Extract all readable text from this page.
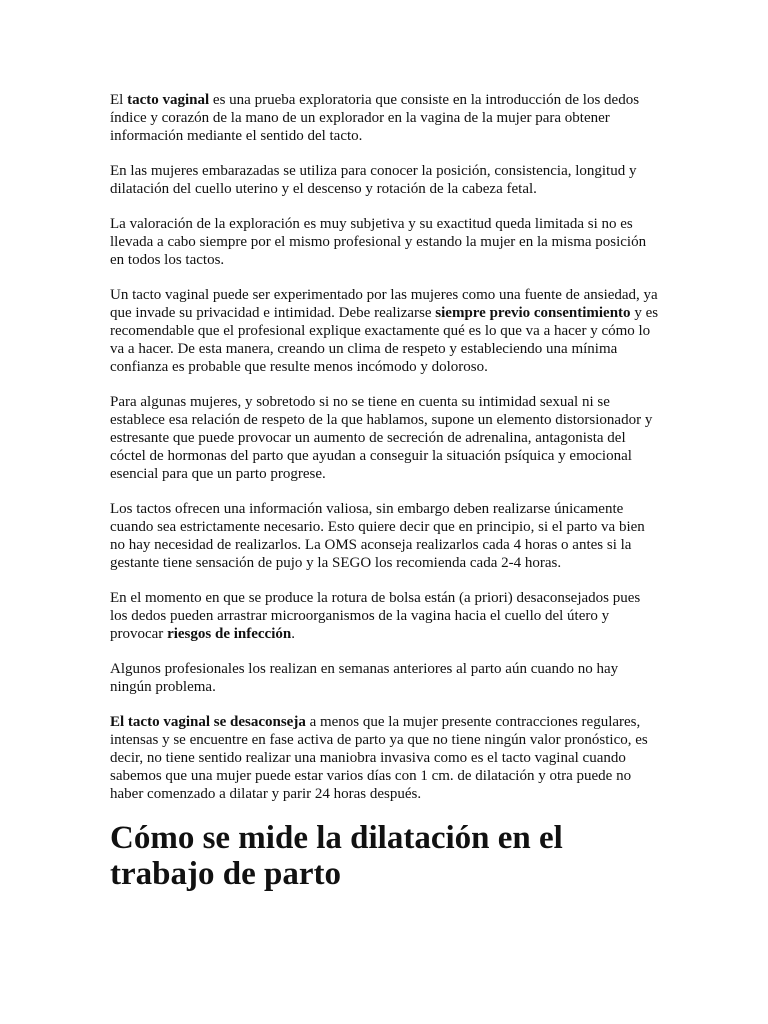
El tacto vaginal es una prueba exploratoria que consiste en la introducción de los dedos índice y corazón de la mano de un explorador en la vagina de la mujer para obtener información mediante el sentido del tacto.

En las mujeres embarazadas se utiliza para conocer la posición, consistencia, longitud y dilatación del cuello uterino y el descenso y rotación de la cabeza fetal.

La valoración de la exploración es muy subjetiva y su exactitud queda limitada si no es llevada a cabo siempre por el mismo profesional y estando la mujer en la misma posición en todos los tactos.

Un tacto vaginal puede ser experimentado por las mujeres como una fuente de ansiedad, ya que invade su privacidad e intimidad. Debe realizarse siempre previo consentimiento y es recomendable que el profesional explique exactamente qué es lo que va a hacer y cómo lo va a hacer. De esta manera, creando un clima de respeto y estableciendo una mínima confianza es probable que resulte menos incómodo y doloroso.

Para algunas mujeres, y sobretodo si no se tiene en cuenta su intimidad sexual ni se establece esa relación de respeto de la que hablamos, supone un elemento distorsionador y estresante que puede provocar un aumento de secreción de adrenalina, antagonista del cóctel de hormonas del parto que ayudan a conseguir la situación psíquica y emocional esencial para que un parto progrese.

Los tactos ofrecen una información valiosa, sin embargo deben realizarse únicamente cuando sea estrictamente necesario. Esto quiere decir que en principio, si el parto va bien no hay necesidad de realizarlos. La OMS aconseja realizarlos cada 4 horas o antes si la gestante tiene sensación de pujo y la SEGO los recomienda cada 2-4 horas.

En el momento en que se produce la rotura de bolsa están (a priori) desaconsejados pues los dedos pueden arrastrar microorganismos de la vagina hacia el cuello del útero y provocar riesgos de infección.

Algunos profesionales los realizan en semanas anteriores al parto aún cuando no hay ningún problema.

El tacto vaginal se desaconseja a menos que la mujer presente contracciones regulares, intensas y se encuentre en fase activa de parto ya que no tiene ningún valor pronóstico, es decir, no tiene sentido realizar una maniobra invasiva como es el tacto vaginal cuando sabemos que una mujer puede estar varios días con 1 cm. de dilatación y otra puede no haber comenzado a dilatar y parir 24 horas después.

Cómo se mide la dilatación en el trabajo de parto
